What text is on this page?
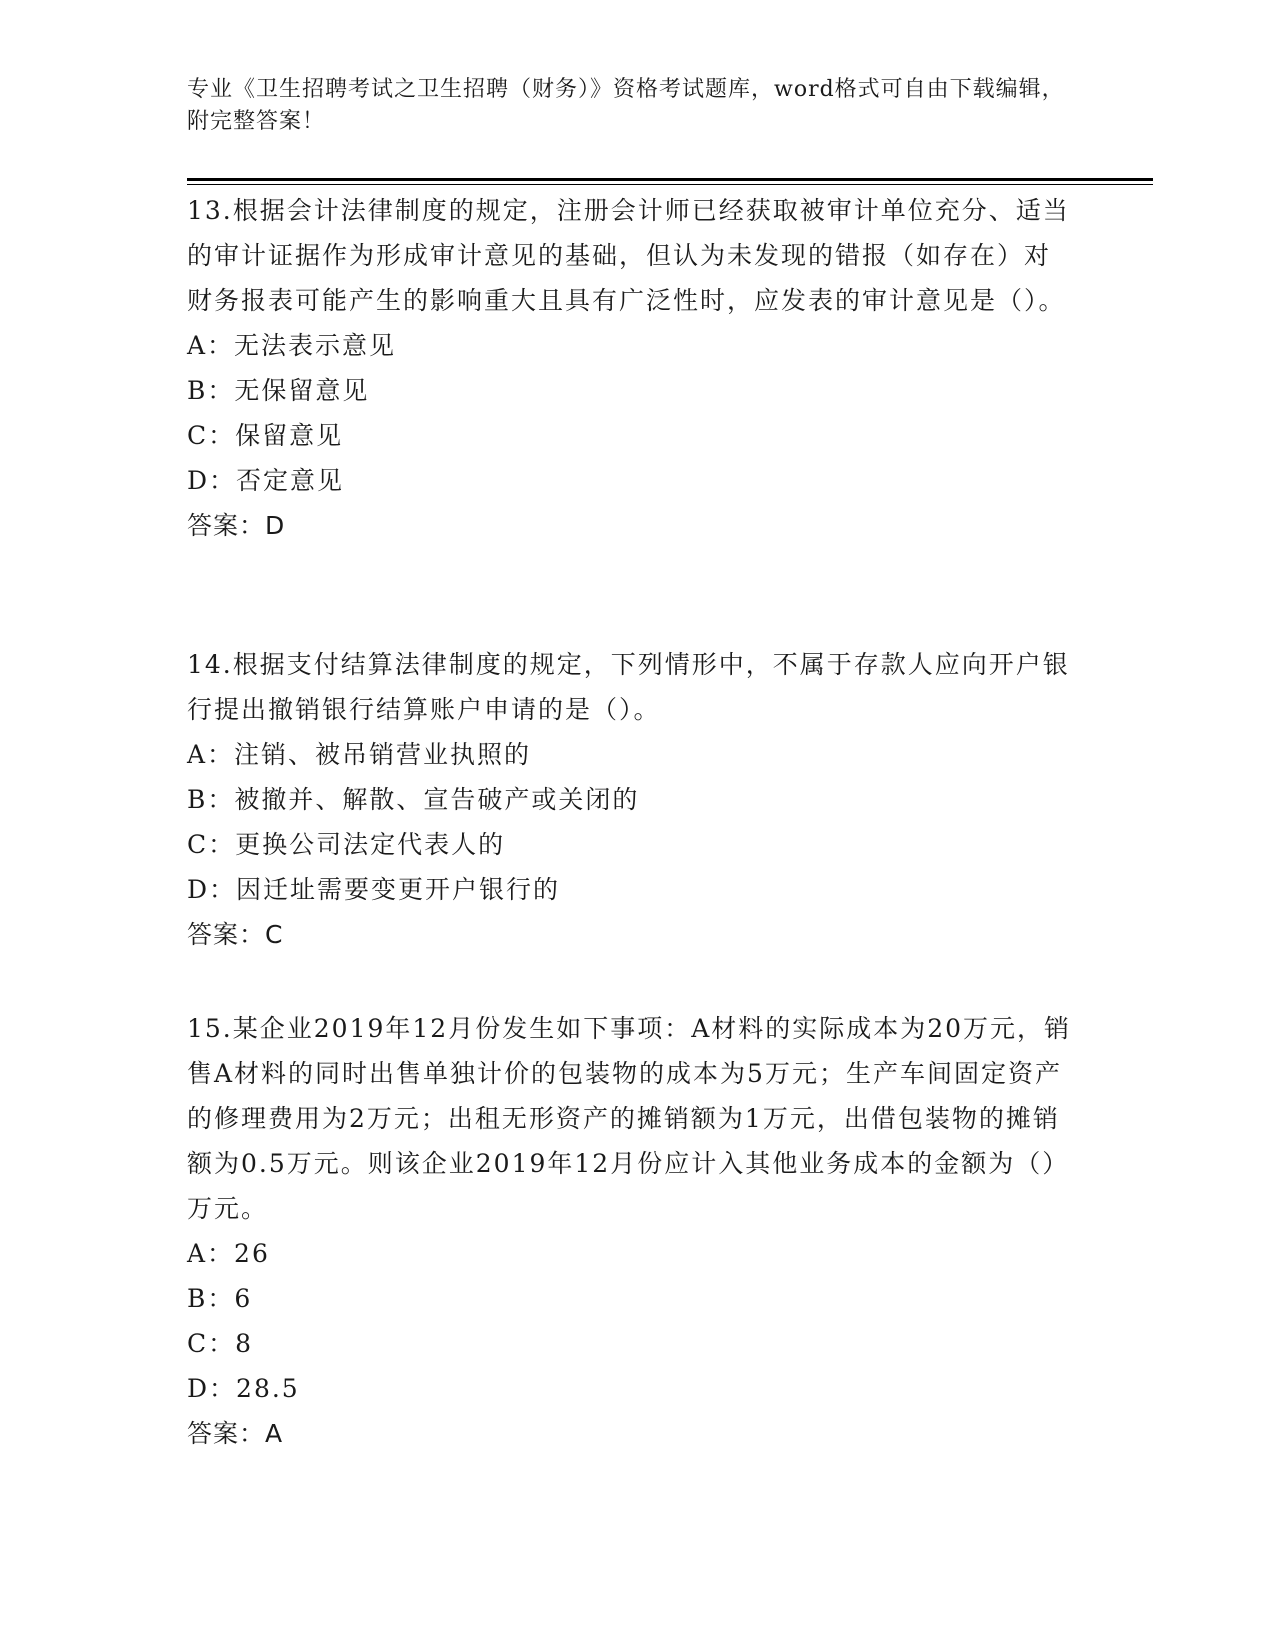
专业《卫生招聘考试之卫生招聘（财务）》资格考试题库，word格式可自由下载编辑，附完整答案！

13.根据会计法律制度的规定，注册会计师已经获取被审计单位充分、适当的审计证据作为形成审计意见的基础，但认为未发现的错报（如存在）对财务报表可能产生的影响重大且具有广泛性时，应发表的审计意见是（）。

A：无法表示意见

B：无保留意见

C：保留意见

D：否定意见

答案：D

14.根据支付结算法律制度的规定，下列情形中，不属于存款人应向开户银行提出撤销银行结算账户申请的是（）。

A：注销、被吊销营业执照的

B：被撤并、解散、宣告破产或关闭的

C：更换公司法定代表人的

D：因迁址需要变更开户银行的

答案：C

15.某企业2019年12月份发生如下事项：A材料的实际成本为20万元，销售A材料的同时出售单独计价的包装物的成本为5万元；生产车间固定资产的修理费用为2万元；出租无形资产的摊销额为1万元，出借包装物的摊销额为0.5万元。则该企业2019年12月份应计入其他业务成本的金额为（）万元。

A：26

B：6

C：8

D：28.5

答案：A
